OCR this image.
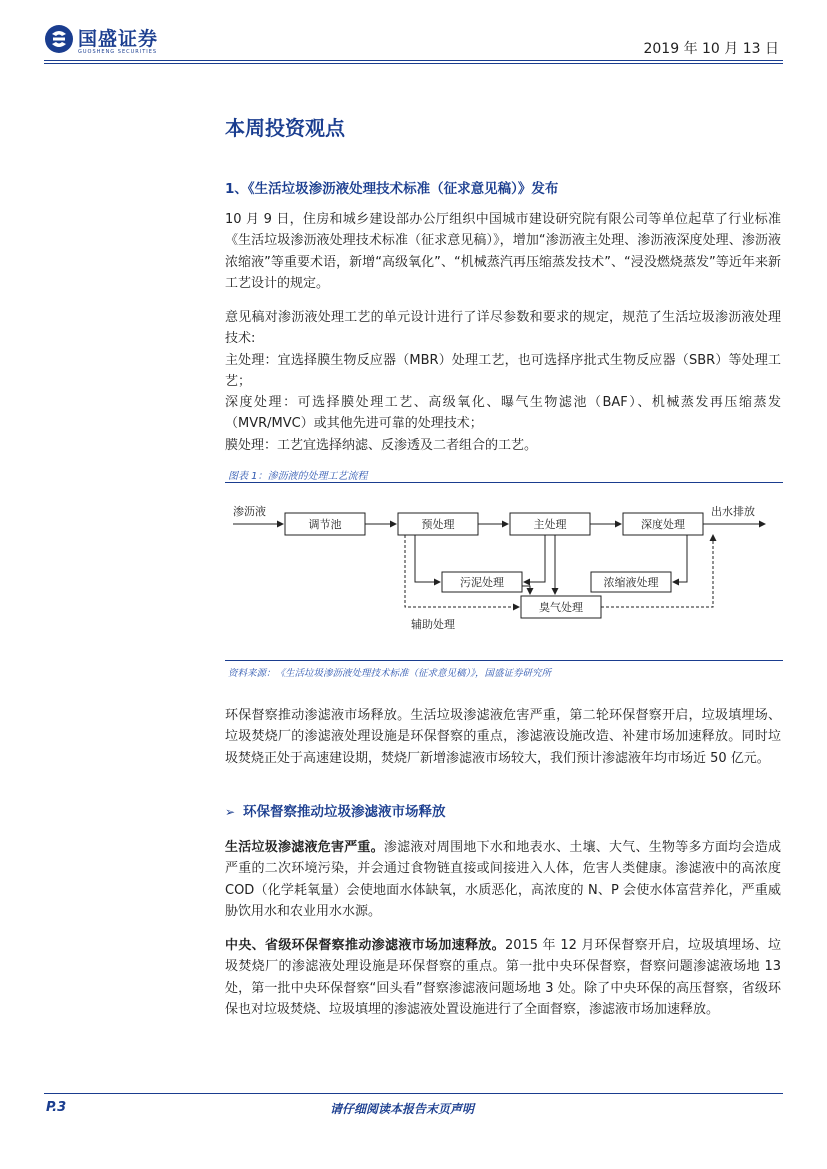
国盛证券
GUOSHENG SECURITIES	2019 年 10 月 13 日
本周投资观点
1、《生活垃圾渗沥液处理技术标准（征求意见稿）》发布

10 月 9 日，住房和城乡建设部办公厅组织中国城市建设研究院有限公司等单位起草了行业标准《生活垃圾渗沥液处理技术标准（征求意见稿）》，增加“渗沥液主处理、渗沥液深度处理、渗沥液浓缩液”等重要术语，新增“高级氧化”、“机械蒸汽再压缩蒸发技术”、“浸没燃烧蒸发”等近年来新工艺设计的规定。

意见稿对渗沥液处理工艺的单元设计进行了详尽参数和要求的规定，规范了生活垃圾渗沥液处理技术:
主处理：宜选择膜生物反应器（MBR）处理工艺，也可选择序批式生物反应器（SBR）等处理工艺；
深度处理：可选择膜处理工艺、高级氧化、曝气生物滤池（BAF）、机械蒸发再压缩蒸发（MVR/MVC）或其他先进可靠的处理技术；
膜处理：工艺宜选择纳滤、反渗透及二者组合的工艺。
图表 1：渗沥液的处理工艺流程
渗沥液
调节池	预处理	主处理	深度处理
出水排放
污泥处理	浓缩液处理
臭气处理
辅助处理
资料来源：《生活垃圾渗沥液处理技术标准（征求意见稿）》，国盛证券研究所

环保督察推动渗滤液市场释放。生活垃圾渗滤液危害严重，第二轮环保督察开启，垃圾填埋场、垃圾焚烧厂的渗滤液处理设施是环保督察的重点，渗滤液设施改造、补建市场加速释放。同时垃圾焚烧正处于高速建设期，焚烧厂新增渗滤液市场较大，我们预计渗滤液年均市场近 50 亿元。

➢ 环保督察推动垃圾渗滤液市场释放

生活垃圾渗滤液危害严重。渗滤液对周围地下水和地表水、土壤、大气、生物等多方面均会造成严重的二次环境污染，并会通过食物链直接或间接进入人体，危害人类健康。渗滤液中的高浓度 COD（化学耗氧量）会使地面水体缺氧，水质恶化，高浓度的 N、P 会使水体富营养化，严重威胁饮用水和农业用水水源。

中央、省级环保督察推动渗滤液市场加速释放。2015 年 12 月环保督察开启，垃圾填埋场、垃圾焚烧厂的渗滤液处理设施是环保督察的重点。第一批中央环保督察，督察问题渗滤液场地 13 处，第一批中央环保督察“回头看”督察渗滤液问题场地 3 处。除了中央环保的高压督察，省级环保也对垃圾焚烧、垃圾填埋的渗滤液处置设施进行了全面督察，渗滤液市场加速释放。

P.3	请仔细阅读本报告末页声明
